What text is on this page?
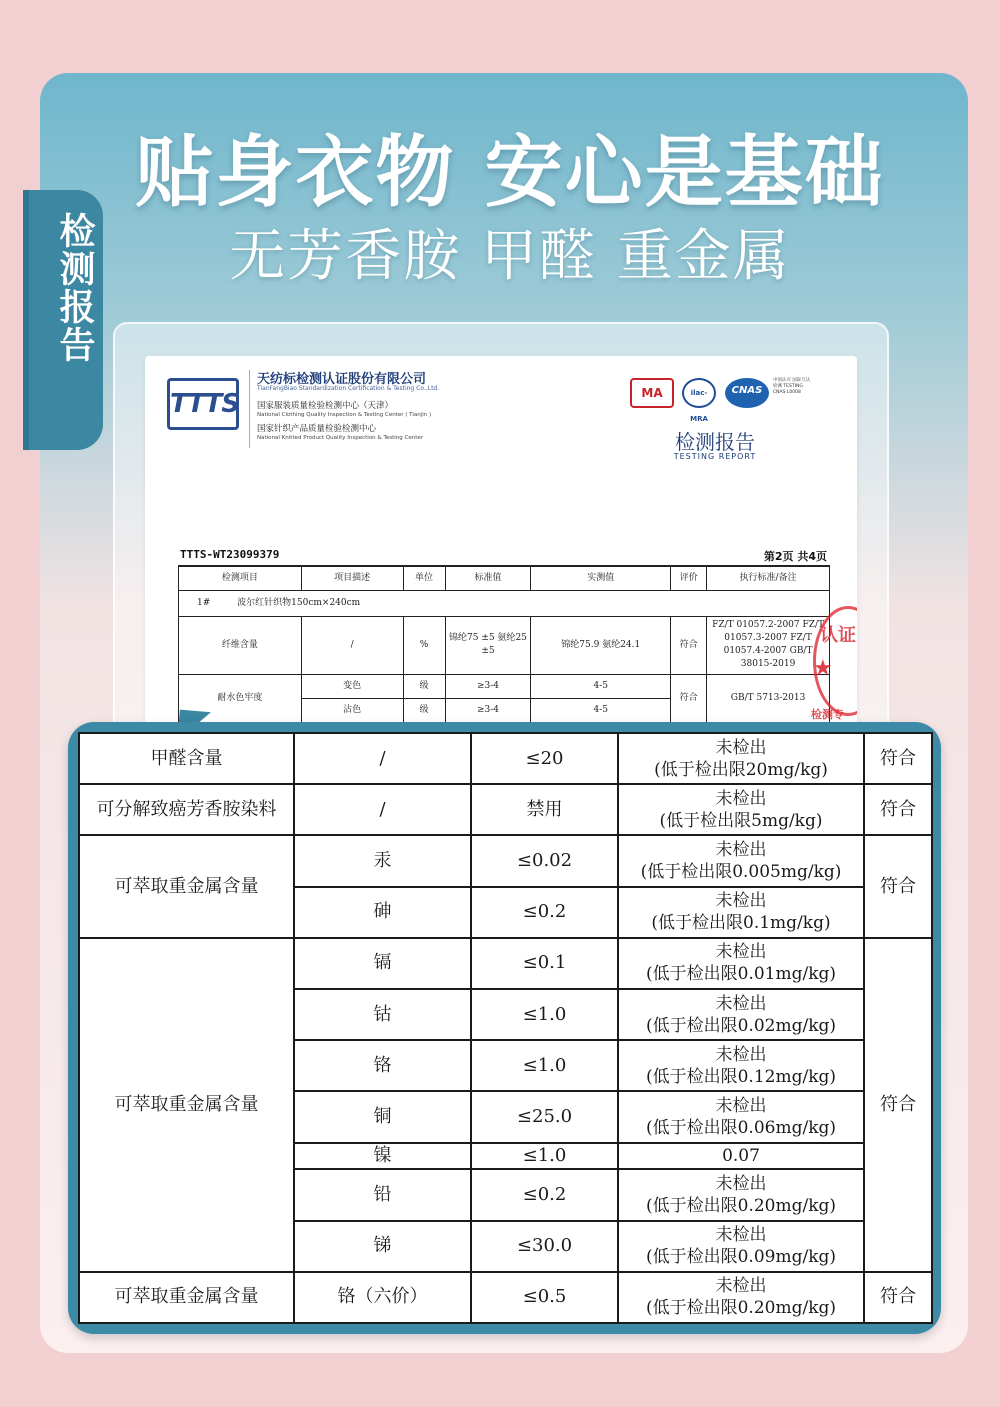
检测报告
贴身衣物 安心是基础
无芳香胺 甲醛 重金属
TTTS
天纺标检测认证股份有限公司
TianFangBiao Standardization Certification & Testing Co.,Ltd.
国家服装质量检验检测中心（天津）
National Clothing Quality Inspection & Testing Center ( Tianjin )
国家针织产品质量检验检测中心
National Knitted Product Quality Inspection & Testing Center
MA	ilac-MRA
CNAS
中国认可 国际互认 检测 TESTING CNAS L0008
检测报告
TESTING REPORT
TTTS-WT23099379	第2页 共4页
检测项目	项目描述	单位	标准值	实测值	评价	执行标准/备注
1# 波尔红针织物150cm×240cm						
纤维含量	/	%	锦纶75 ±5 氨纶25 ±5	锦纶75.9 氨纶24.1	符合	FZ/T 01057.2-2007 FZ/T 01057.3-2007 FZ/T 01057.4-2007 GB/T 38015-2019
耐水色牢度	变色	级	≥3-4	4-5	符合	GB/T 5713-2013
	沾色	级	≥3-4	4-5		
认证
★
检测专
甲醛含量	/	≤20	未检出
(低于检出限20mg/kg)	符合
可分解致癌芳香胺染料	/	禁用	未检出
(低于检出限5mg/kg)	符合
可萃取重金属含量	汞	≤0.02	未检出
(低于检出限0.005mg/kg)	符合
	砷	≤0.2	未检出
(低于检出限0.1mg/kg)	
可萃取重金属含量	镉	≤0.1	未检出
(低于检出限0.01mg/kg)	符合
	钴	≤1.0	未检出
(低于检出限0.02mg/kg)	
	铬	≤1.0	未检出
(低于检出限0.12mg/kg)	
	铜	≤25.0	未检出
(低于检出限0.06mg/kg)	
	镍	≤1.0	0.07	
	铅	≤0.2	未检出
(低于检出限0.20mg/kg)	
	锑	≤30.0	未检出
(低于检出限0.09mg/kg)	
可萃取重金属含量	铬（六价）	≤0.5	未检出
(低于检出限0.20mg/kg)	符合
